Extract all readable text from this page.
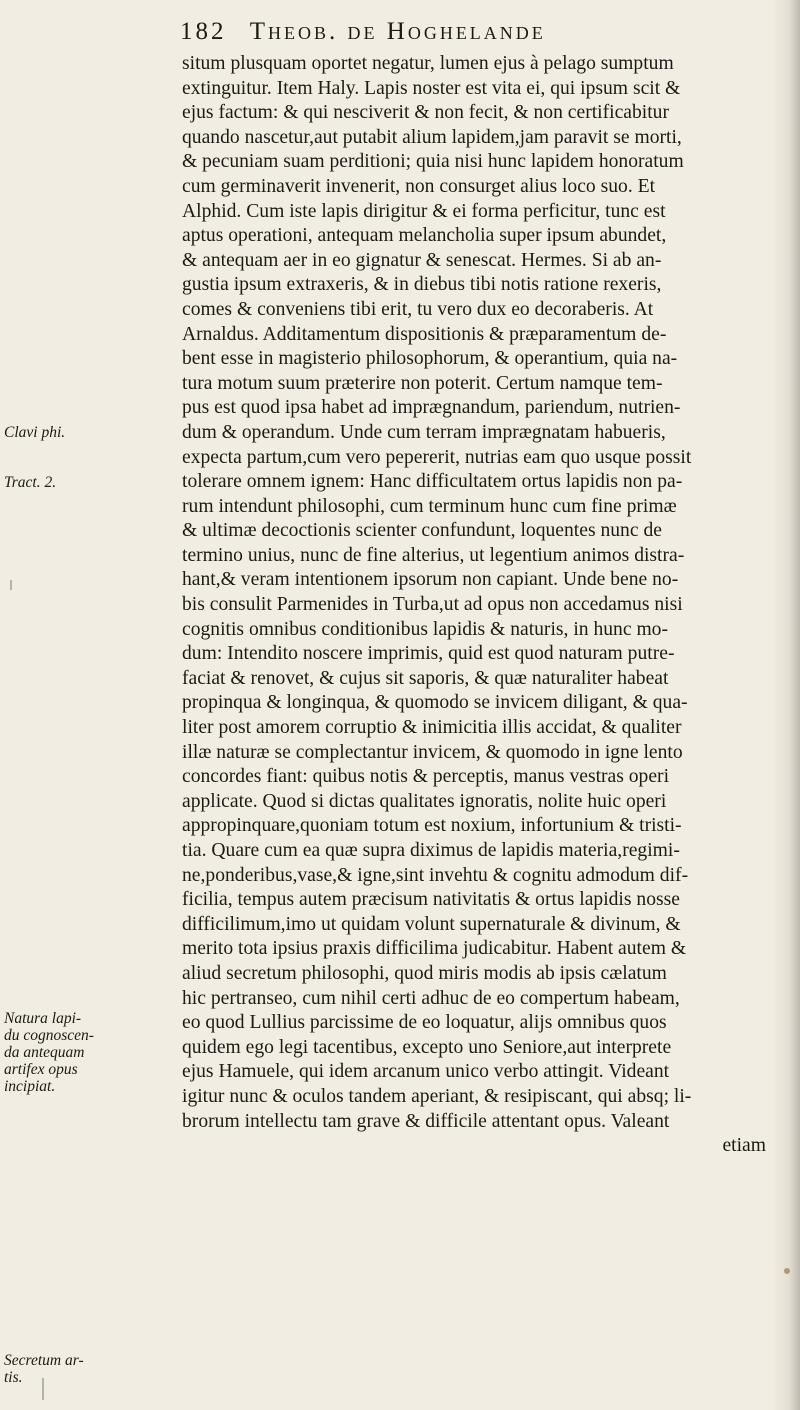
182 Theob. de Hoghelande
Clavi phi.
Tract. 2.
Natura lapi-
du cognoscen-
da antequam
artifex opus
incipiat.
Secretum ar-
tis.
situm plusquam oportet negatur, lumen ejus à pelago sumptum
extinguitur. Item Haly. Lapis noster est vita ei, qui ipsum scit &
ejus factum: & qui nesciverit & non fecit, & non certificabitur
quando nascetur,aut putabit alium lapidem,jam paravit se morti,
& pecuniam suam perditioni; quia nisi hunc lapidem honoratum
cum germinaverit invenerit, non consurget alius loco suo. Et
Alphid. Cum iste lapis dirigitur & ei forma perficitur, tunc est
aptus operationi, antequam melancholia super ipsum abundet,
& antequam aer in eo gignatur & senescat. Hermes. Si ab an-
gustia ipsum extraxeris, & in diebus tibi notis ratione rexeris,
comes & conveniens tibi erit, tu vero dux eo decoraberis. At
Arnaldus. Additamentum dispositionis & præparamentum de-
bent esse in magisterio philosophorum, & operantium, quia na-
tura motum suum præterire non poterit. Certum namque tem-
pus est quod ipsa habet ad imprægnandum, pariendum, nutrien-
dum & operandum. Unde cum terram imprægnatam habueris,
expecta partum,cum vero pepererit, nutrias eam quo usque possit
tolerare omnem ignem: Hanc difficultatem ortus lapidis non pa-
rum intendunt philosophi, cum terminum hunc cum fine primæ
& ultimæ decoctionis scienter confundunt, loquentes nunc de
termino unius, nunc de fine alterius, ut legentium animos distra-
hant,& veram intentionem ipsorum non capiant. Unde bene no-
bis consulit Parmenides in Turba,ut ad opus non accedamus nisi
cognitis omnibus conditionibus lapidis & naturis, in hunc mo-
dum: Intendito noscere imprimis, quid est quod naturam putre-
faciat & renovet, & cujus sit saporis, & quæ naturaliter habeat
propinqua & longinqua, & quomodo se invicem diligant, & qua-
liter post amorem corruptio & inimicitia illis accidat, & qualiter
illæ naturæ se complectantur invicem, & quomodo in igne lento
concordes fiant: quibus notis & perceptis, manus vestras operi
applicate. Quod si dictas qualitates ignoratis, nolite huic operi
appropinquare,quoniam totum est noxium, infortunium & tristi-
tia. Quare cum ea quæ supra diximus de lapidis materia,regimi-
ne,ponderibus,vase,& igne,sint invehtu & cognitu admodum dif-
ficilia, tempus autem præcisum nativitatis & ortus lapidis nosse
difficilimum,imo ut quidam volunt supernaturale & divinum, &
merito tota ipsius praxis difficilima judicabitur. Habent autem &
aliud secretum philosophi, quod miris modis ab ipsis cælatum
hic pertranseo, cum nihil certi adhuc de eo compertum habeam,
eo quod Lullius parcissime de eo loquatur, alijs omnibus quos
quidem ego legi tacentibus, excepto uno Seniore,aut interprete
ejus Hamuele, qui idem arcanum unico verbo attingit. Videant
igitur nunc & oculos tandem aperiant, & resipiscant, qui absq; li-
brorum intellectu tam grave & difficile attentant opus. Valeant
etiam
